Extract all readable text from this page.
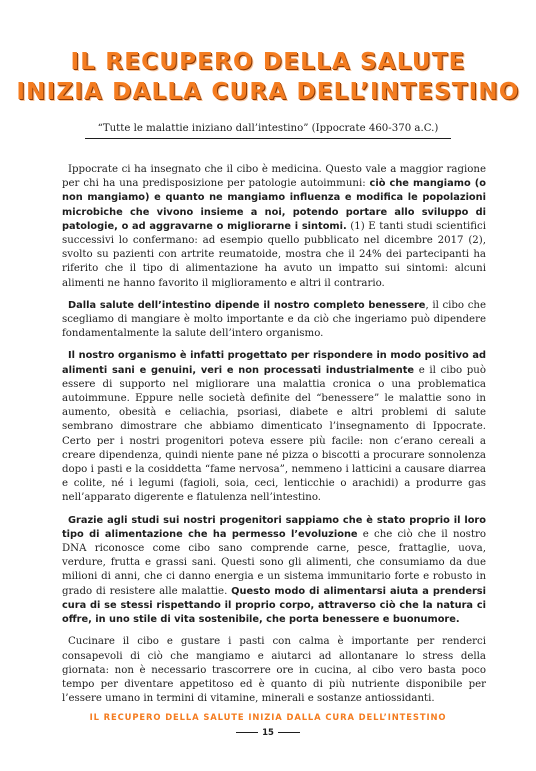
IL RECUPERO DELLA SALUTE
INIZIA DALLA CURA DELL’INTESTINO
“Tutte le malattie iniziano dall’intestino” (Ippocrate 460-370 a.C.)

Ippocrate ci ha insegnato che il cibo è medicina. Questo vale a maggior ragione per chi ha una predisposizione per patologie autoimmuni: ciò che mangiamo (o non mangiamo) e quanto ne mangiamo influenza e modifica le popolazioni microbiche che vivono insieme a noi, potendo portare allo sviluppo di patologie, o ad aggravarne o migliorarne i sintomi. (1) E tanti studi scientifici successivi lo confermano: ad esempio quello pubblicato nel dicembre 2017 (2), svolto su pazienti con artrite reumatoide, mostra che il 24% dei partecipanti ha riferito che il tipo di alimentazione ha avuto un impatto sui sintomi: alcuni alimenti ne hanno favorito il miglioramento e altri il contrario.

Dalla salute dell’intestino dipende il nostro completo benessere, il cibo che scegliamo di mangiare è molto importante e da ciò che ingeriamo può dipendere fondamentalmente la salute dell’intero organismo.

Il nostro organismo è infatti progettato per rispondere in modo positivo ad alimenti sani e genuini, veri e non processati industrialmente e il cibo può essere di supporto nel migliorare una malattia cronica o una problematica autoimmune. Eppure nelle società definite del “benessere” le malattie sono in aumento, obesità e celiachia, psoriasi, diabete e altri problemi di salute sembrano dimostrare che abbiamo dimenticato l’insegnamento di Ippocrate. Certo per i nostri progenitori poteva essere più facile: non c’erano cereali a creare dipendenza, quindi niente pane né pizza o biscotti a procurare sonnolenza dopo i pasti e la cosiddetta “fame nervosa”, nemmeno i latticini a causare diarrea e colite, né i legumi (fagioli, soia, ceci, lenticchie o arachidi) a produrre gas nell’apparato digerente e flatulenza nell’intestino.

Grazie agli studi sui nostri progenitori sappiamo che è stato proprio il loro tipo di alimentazione che ha permesso l’evoluzione e che ciò che il nostro DNA riconosce come cibo sano comprende carne, pesce, frattaglie, uova, verdure, frutta e grassi sani. Questi sono gli alimenti, che consumiamo da due milioni di anni, che ci danno energia e un sistema immunitario forte e robusto in grado di resistere alle malattie. Questo modo di alimentarsi aiuta a prendersi cura di se stessi rispettando il proprio corpo, attraverso ciò che la natura ci offre, in uno stile di vita sostenibile, che porta benessere e buonumore.

Cucinare il cibo e gustare i pasti con calma è importante per renderci consapevoli di ciò che mangiamo e aiutarci ad allontanare lo stress della giornata: non è necessario trascorrere ore in cucina, al cibo vero basta poco tempo per diventare appetitoso ed è quanto di più nutriente disponibile per l’essere umano in termini di vitamine, minerali e sostanze antiossidanti.

IL RECUPERO DELLA SALUTE INIZIA DALLA CURA DELL’INTESTINO
15
